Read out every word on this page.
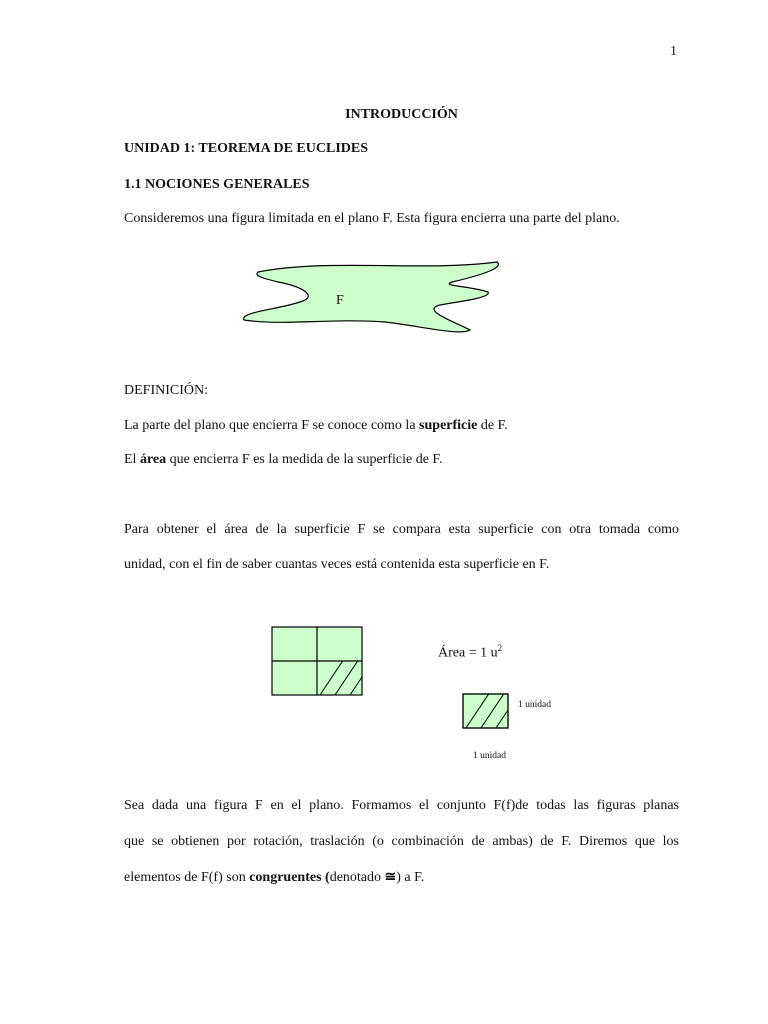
1
INTRODUCCIÓN
UNIDAD 1: TEOREMA DE EUCLIDES
1.1 NOCIONES GENERALES
Consideremos una figura limitada en el plano F. Esta figura encierra una parte del plano.
F
DEFINICIÓN:
La parte del plano que encierra F se conoce como la superficie de F.
El área que encierra F es la medida de la superficie de F.
Para obtener el área de la superficie F se compara esta superficie con otra tomada como
unidad, con el fin de saber cuantas veces está contenida esta superficie en F.
Área = 1 $u^2$
1 unidad
1 unidad
Sea dada una figura F en el plano. Formamos el conjunto F(f)de todas las figuras planas
que se obtienen por rotación, traslación (o combinación de ambas) de F. Diremos que los
elementos de F(f) son congruentes (denotado ≅) a F.
